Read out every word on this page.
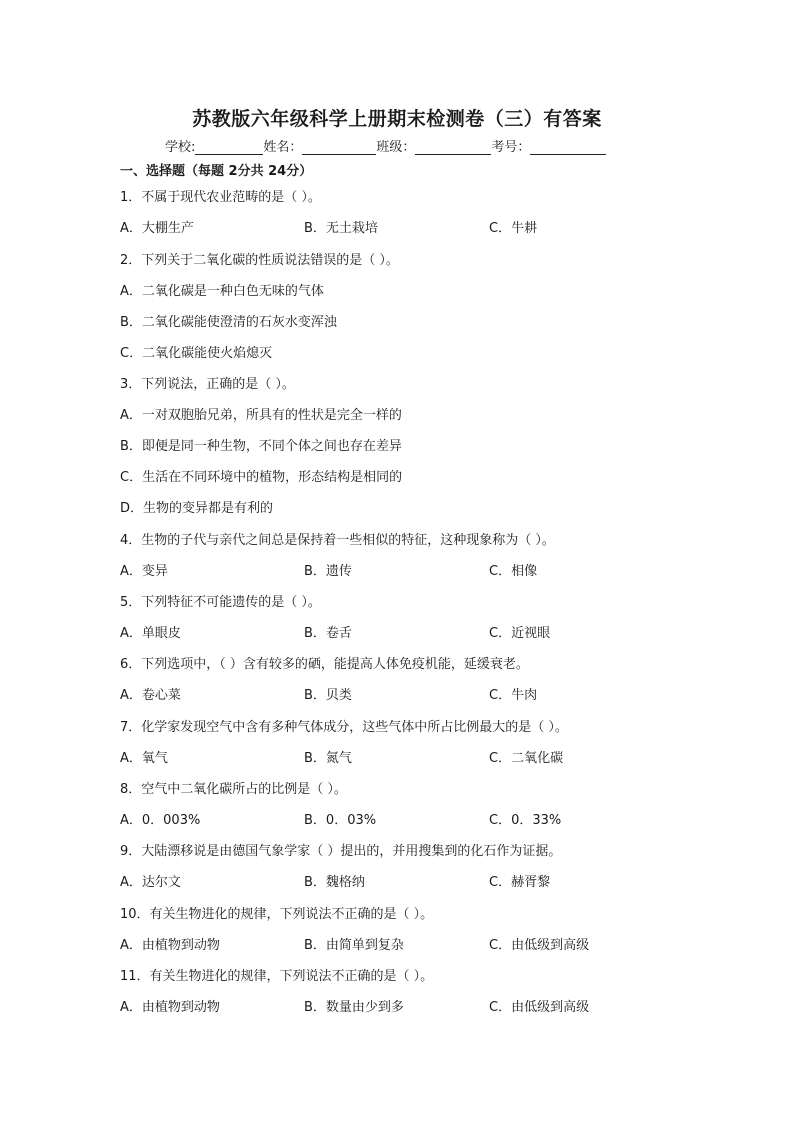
苏教版六年级科学上册期末检测卷（三）有答案
学校:	姓名：	班级：	考号：
一、选择题（每题 2分共 24分）
1．不属于现代农业范畴的是（ ）。
A．大棚生产	B．无土栽培	C．牛耕
2．下列关于二氧化碳的性质说法错误的是（ ）。
A．二氧化碳是一种白色无味的气体
B．二氧化碳能使澄清的石灰水变浑浊
C．二氧化碳能使火焰熄灭
3．下列说法，正确的是（ ）。
A．一对双胞胎兄弟，所具有的性状是完全一样的
B．即便是同一种生物，不同个体之间也存在差异
C．生活在不同环境中的植物，形态结构是相同的
D．生物的变异都是有利的
4．生物的子代与亲代之间总是保持着一些相似的特征，这种现象称为（ ）。
A．变异	B．遗传	C．相像
5．下列特征不可能遗传的是（ ）。
A．单眼皮	B．卷舌	C．近视眼
6．下列选项中，（ ）含有较多的硒，能提高人体免疫机能，延缓衰老。
A．卷心菜	B．贝类	C．牛肉
7．化学家发现空气中含有多种气体成分，这些气体中所占比例最大的是（ ）。
A．氧气	B．氮气	C．二氧化碳
8．空气中二氧化碳所占的比例是（ ）。
A．0．003%	B．0．03%	C．0．33%
9．大陆漂移说是由德国气象学家（ ）提出的，并用搜集到的化石作为证据。
A．达尔文	B．魏格纳	C．赫胥黎
10．有关生物进化的规律，下列说法不正确的是（ ）。
A．由植物到动物	B．由简单到复杂	C．由低级到高级
11．有关生物进化的规律，下列说法不正确的是（ ）。
A．由植物到动物	B．数量由少到多	C．由低级到高级
